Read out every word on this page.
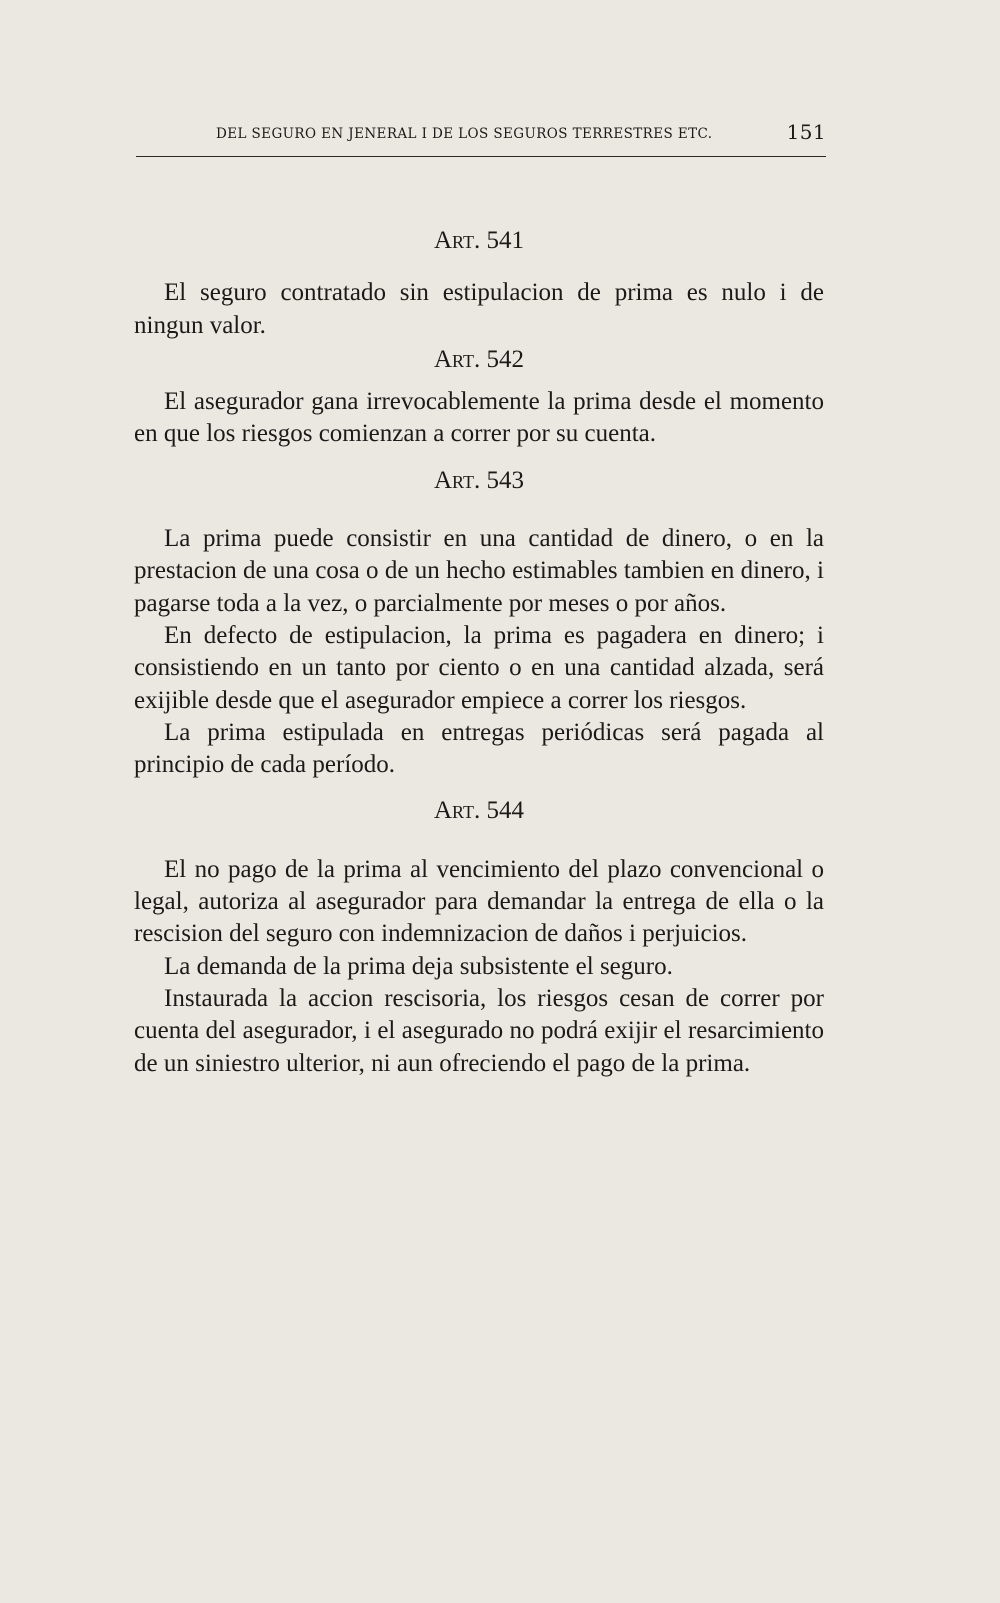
DEL SEGURO EN JENERAL I DE LOS SEGUROS TERRESTRES ETC.	151

Art. 541

El seguro contratado sin estipulacion de prima es nulo i de ningun valor.

Art. 542

El asegurador gana irrevocablemente la prima desde el momento en que los riesgos comienzan a correr por su cuenta.

Art. 543

La prima puede consistir en una cantidad de dinero, o en la prestacion de una cosa o de un hecho estimables tambien en dinero, i pagarse toda a la vez, o parcialmente por meses o por años.

En defecto de estipulacion, la prima es pagadera en dinero; i consistiendo en un tanto por ciento o en una cantidad alzada, será exijible desde que el asegurador empiece a correr los riesgos.

La prima estipulada en entregas periódicas será pagada al principio de cada período.

Art. 544

El no pago de la prima al vencimiento del plazo convencional o legal, autoriza al asegurador para demandar la entrega de ella o la rescision del seguro con indemnizacion de daños i perjuicios.

La demanda de la prima deja subsistente el seguro.

Instaurada la accion rescisoria, los riesgos cesan de correr por cuenta del asegurador, i el asegurado no podrá exijir el resarcimiento de un siniestro ulterior, ni aun ofreciendo el pago de la prima.
